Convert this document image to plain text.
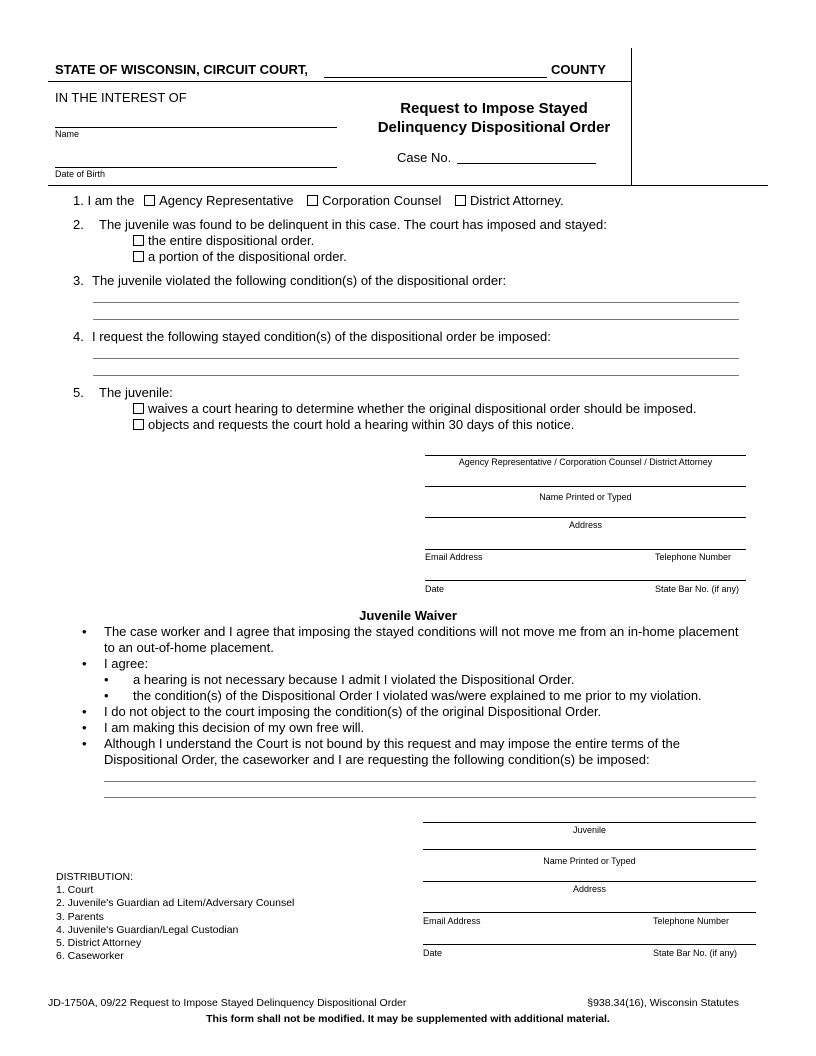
STATE OF WISCONSIN, CIRCUIT COURT,	COUNTY
IN THE INTEREST OF
Name
Date of Birth
Request to Impose Stayed
Delinquency Dispositional Order
Case No.
1. I am the Agency Representative Corporation Counsel District Attorney.
2. The juvenile was found to be delinquent in this case. The court has imposed and stayed:
the entire dispositional order.
a portion of the dispositional order.
3. The juvenile violated the following condition(s) of the dispositional order:
4. I request the following stayed condition(s) of the dispositional order be imposed:
5. The juvenile:
waives a court hearing to determine whether the original dispositional order should be imposed.
objects and requests the court hold a hearing within 30 days of this notice.
Agency Representative / Corporation Counsel / District Attorney
Name Printed or Typed
Address
Email Address	Telephone Number
Date	State Bar No. (if any)
Juvenile Waiver
• The case worker and I agree that imposing the stayed conditions will not move me from an in-home placement
to an out-of-home placement.
• I agree:
• a hearing is not necessary because I admit I violated the Dispositional Order.
• the condition(s) of the Dispositional Order I violated was/were explained to me prior to my violation.
• I do not object to the court imposing the condition(s) of the original Dispositional Order.
• I am making this decision of my own free will.
• Although I understand the Court is not bound by this request and may impose the entire terms of the
Dispositional Order, the caseworker and I are requesting the following condition(s) be imposed:
Juvenile
Name Printed or Typed
Address
Email Address	Telephone Number
Date	State Bar No. (if any)
DISTRIBUTION:
1. Court
2. Juvenile's Guardian ad Litem/Adversary Counsel
3. Parents
4. Juvenile's Guardian/Legal Custodian
5. District Attorney
6. Caseworker
JD-1750A, 09/22 Request to Impose Stayed Delinquency Dispositional Order	§938.34(16), Wisconsin Statutes
This form shall not be modified. It may be supplemented with additional material.
